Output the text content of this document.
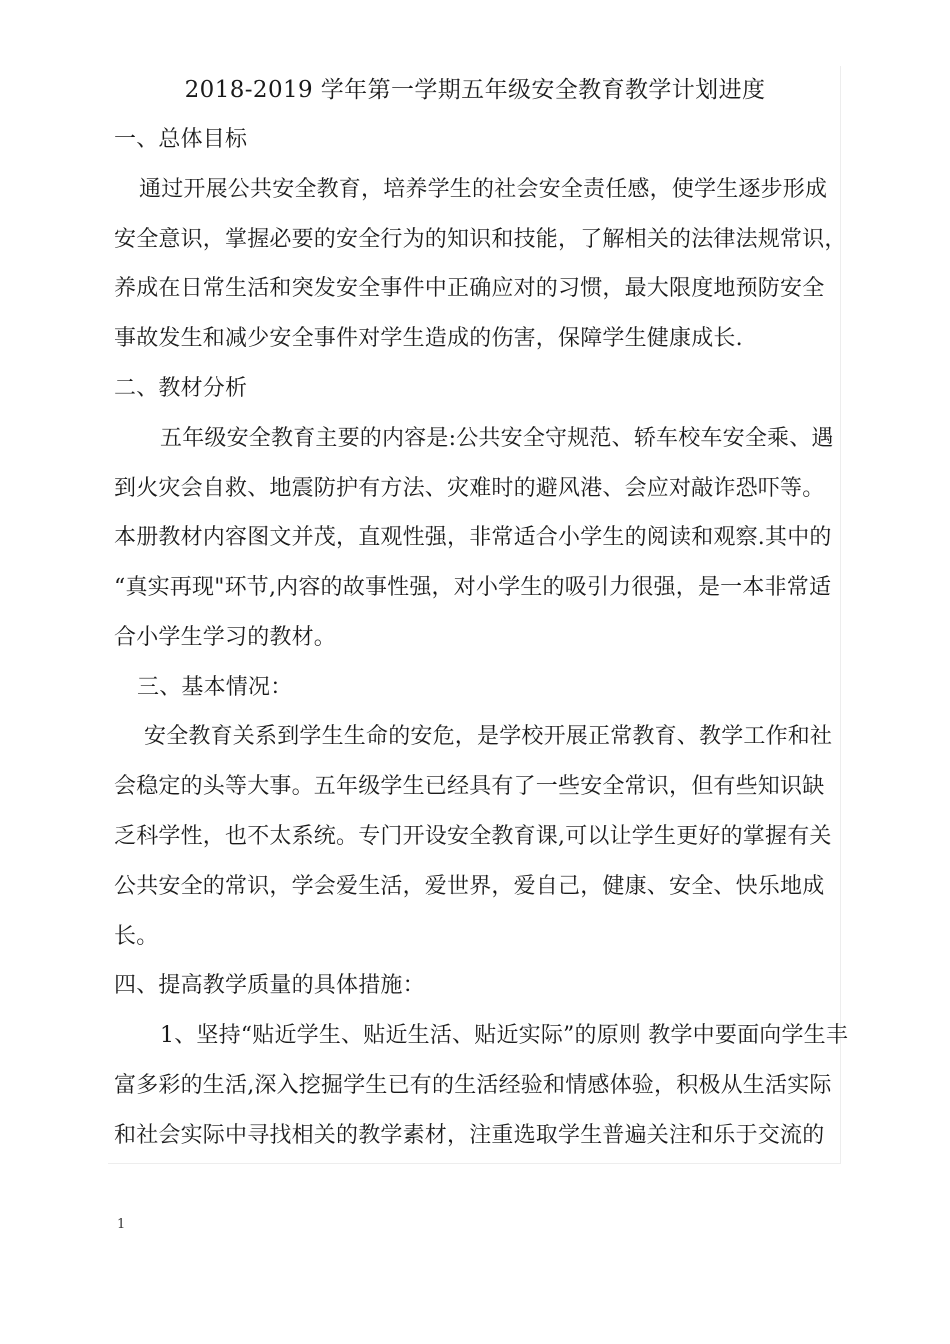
2018-2019 学年第一学期五年级安全教育教学计划进度
一、总体目标
通过开展公共安全教育，培养学生的社会安全责任感，使学生逐步形成
安全意识，掌握必要的安全行为的知识和技能，了解相关的法律法规常识，
养成在日常生活和突发安全事件中正确应对的习惯，最大限度地预防安全
事故发生和减少安全事件对学生造成的伤害，保障学生健康成长.
二、教材分析
五年级安全教育主要的内容是:公共安全守规范、轿车校车安全乘、遇
到火灾会自救、地震防护有方法、灾难时的避风港、会应对敲诈恐吓等。
本册教材内容图文并茂，直观性强，非常适合小学生的阅读和观察.其中的
“真实再现"环节,内容的故事性强，对小学生的吸引力很强，是一本非常适
合小学生学习的教材。
三、基本情况：
安全教育关系到学生生命的安危，是学校开展正常教育、教学工作和社
会稳定的头等大事。五年级学生已经具有了一些安全常识，但有些知识缺
乏科学性，也不太系统。专门开设安全教育课,可以让学生更好的掌握有关
公共安全的常识，学会爱生活，爱世界，爱自己，健康、安全、快乐地成
长。
四、提高教学质量的具体措施：
1、坚持“贴近学生、贴近生活、贴近实际”的原则 教学中要面向学生丰
富多彩的生活,深入挖掘学生已有的生活经验和情感体验，积极从生活实际
和社会实际中寻找相关的教学素材，注重选取学生普遍关注和乐于交流的
1
